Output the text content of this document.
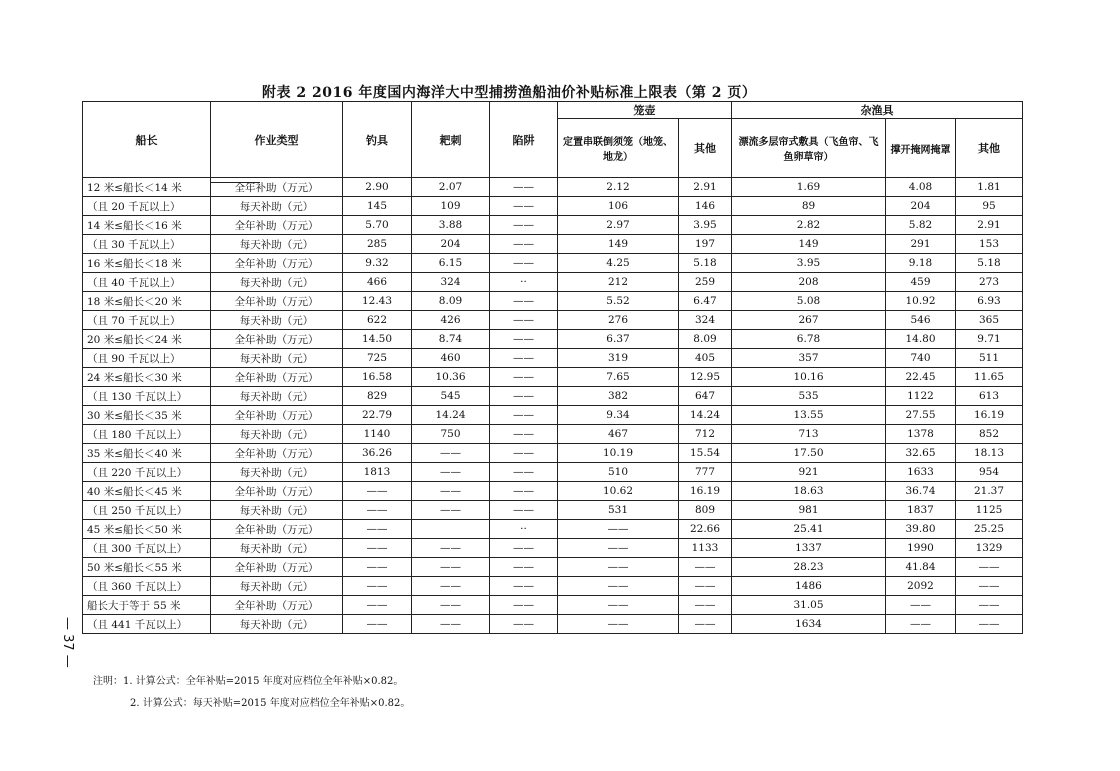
附表 2 2016 年度国内海洋大中型捕捞渔船油价补贴标准上限表（第 2 页）
船长	作业类型	钓具	耙刺	陷阱	笼壶		杂渔具		
					定置串联倒须笼（地笼、地龙）	其他	漂流多层帘式敷具（飞鱼帘、飞鱼卵草帘）	撑开掩网掩罩	其他
12 米≤船长＜14 米	全年补助（万元）	2.90	2.07	——	2.12	2.91	1.69	4.08	1.81
（且 20 千瓦以上）	每天补助（元）	145	109	——	106	146	89	204	95
14 米≤船长＜16 米	全年补助（万元）	5.70	3.88	——	2.97	3.95	2.82	5.82	2.91
（且 30 千瓦以上）	每天补助（元）	285	204	——	149	197	149	291	153
16 米≤船长＜18 米	全年补助（万元）	9.32	6.15	——	4.25	5.18	3.95	9.18	5.18
（且 40 千瓦以上）	每天补助（元）	466	324	··	212	259	208	459	273
18 米≤船长＜20 米	全年补助（万元）	12.43	8.09	——	5.52	6.47	5.08	10.92	6.93
（且 70 千瓦以上）	每天补助（元）	622	426	——	276	324	267	546	365
20 米≤船长＜24 米	全年补助（万元）	14.50	8.74	——	6.37	8.09	6.78	14.80	9.71
（且 90 千瓦以上）	每天补助（元）	725	460	——	319	405	357	740	511
24 米≤船长＜30 米	全年补助（万元）	16.58	10.36	——	7.65	12.95	10.16	22.45	11.65
（且 130 千瓦以上）	每天补助（元）	829	545	——	382	647	535	1122	613
30 米≤船长＜35 米	全年补助（万元）	22.79	14.24	——	9.34	14.24	13.55	27.55	16.19
（且 180 千瓦以上）	每天补助（元）	1140	750	——	467	712	713	1378	852
35 米≤船长＜40 米	全年补助（万元）	36.26	——	——	10.19	15.54	17.50	32.65	18.13
（且 220 千瓦以上）	每天补助（元）	1813	——	——	510	777	921	1633	954
40 米≤船长＜45 米	全年补助（万元）	——	——	——	10.62	16.19	18.63	36.74	21.37
（且 250 千瓦以上）	每天补助（元）	——	——	——	531	809	981	1837	1125
45 米≤船长＜50 米	全年补助（万元）	——		··	——	22.66	25.41	39.80	25.25
（且 300 千瓦以上）	每天补助（元）	——	——	——	——	1133	1337	1990	1329
50 米≤船长＜55 米	全年补助（万元）	——	——	——	——	——	28.23	41.84	——
（且 360 千瓦以上）	每天补助（元）	——	——	——	——	——	1486	2092	——
船长大于等于 55 米	全年补助（万元）	——	——	——	——	——	31.05	——	——
（且 441 千瓦以上）	每天补助（元）	——	——	——	——	——	1634	——	——
注明：1. 计算公式：全年补贴=2015 年度对应档位全年补贴×0.82。
2. 计算公式：每天补贴=2015 年度对应档位全年补贴×0.82。
— 37 —
